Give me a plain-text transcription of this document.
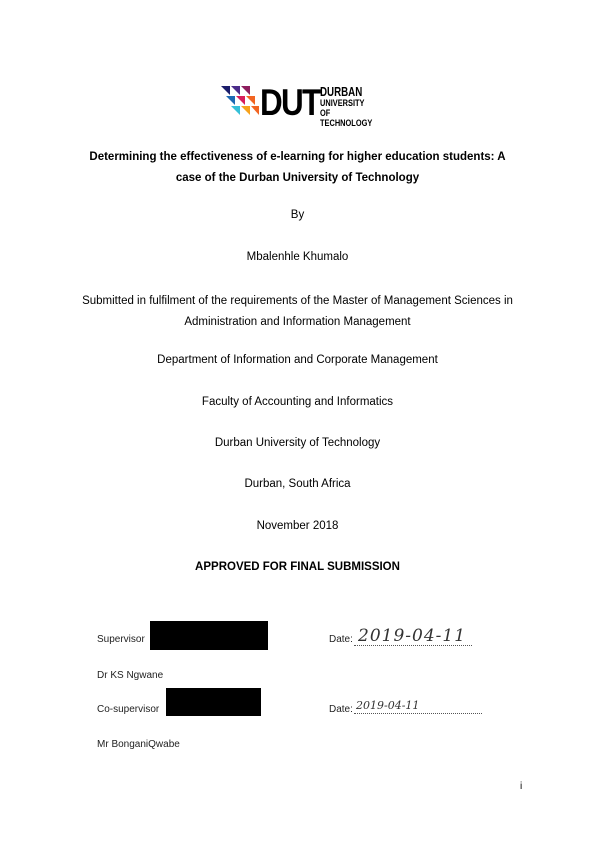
DUT DURBAN
UNIVERSITY OF
TECHNOLOGY
Determining the effectiveness of e-learning for higher education students: A
case of the Durban University of Technology
By
Mbalenhle Khumalo
Submitted in fulfilment of the requirements of the Master of Management Sciences in
Administration and Information Management
Department of Information and Corporate Management
Faculty of Accounting and Informatics
Durban University of Technology
Durban, South Africa
November 2018
APPROVED FOR FINAL SUBMISSION
Supervisor	Date: 2019-04-11
Dr KS Ngwane
Co-supervisor	Date: 2019-04-11
Mr BonganiQwabe
i
